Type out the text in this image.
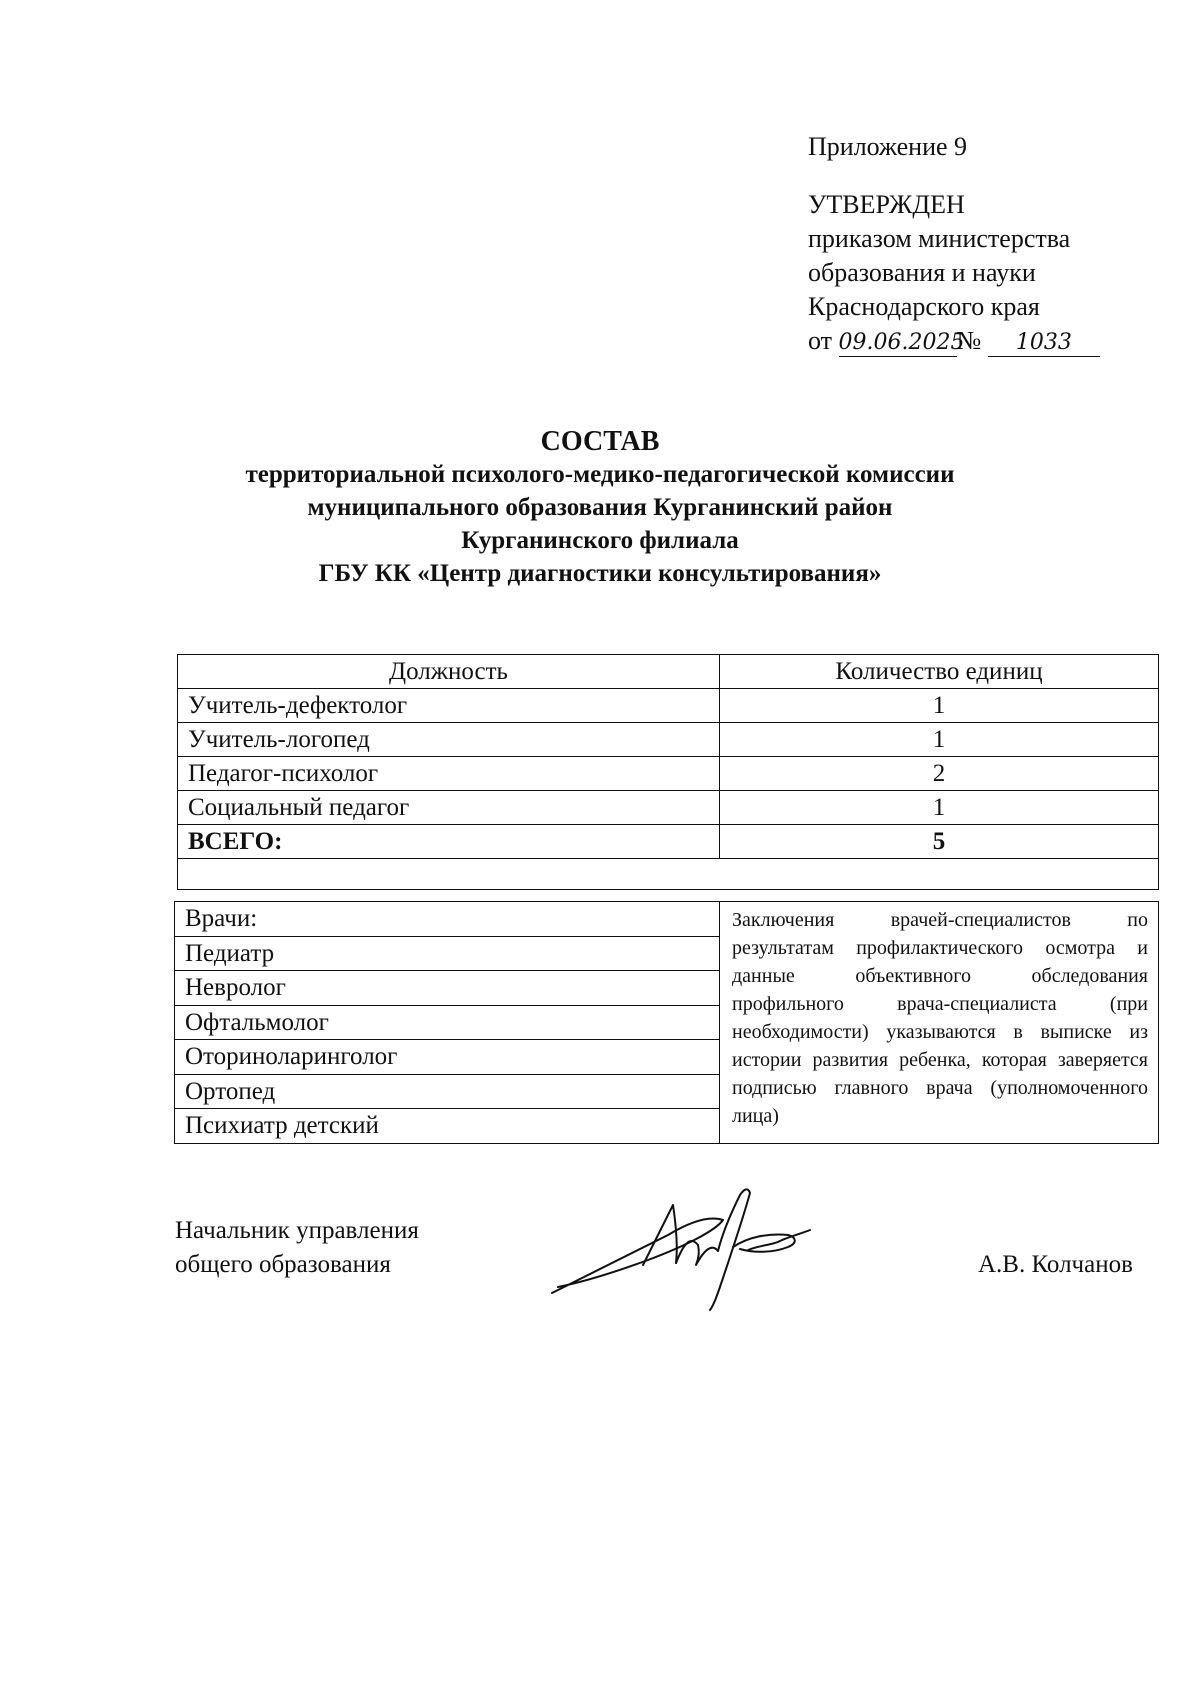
Приложение 9
УТВЕРЖДЕН
приказом министерства
образования и науки
Краснодарского края
от 09.06.2025№ 1033
СОСТАВ
территориальной психолого-медико-педагогической комиссии
муниципального образования Курганинский район
Курганинского филиала
ГБУ КК «Центр диагностики консультирования»
Должность	Количество единиц
Учитель-дефектолог	1
Учитель-логопед	1
Педагог-психолог	2
Социальный педагог	1
ВСЕГО:	5

Врачи:	Заключения врачей-специалистов по результатам профилактического осмотра и данные объективного обследования профильного врача-специалиста (при необходимости) указываются в выписке из истории развития ребенка, которая заверяется подписью главного врача (уполномоченного лица)
Педиатр
Невролог
Офтальмолог
Оториноларинголог
Ортопед
Психиатр детский
Начальник управления
общего образования	А.В. Колчанов
